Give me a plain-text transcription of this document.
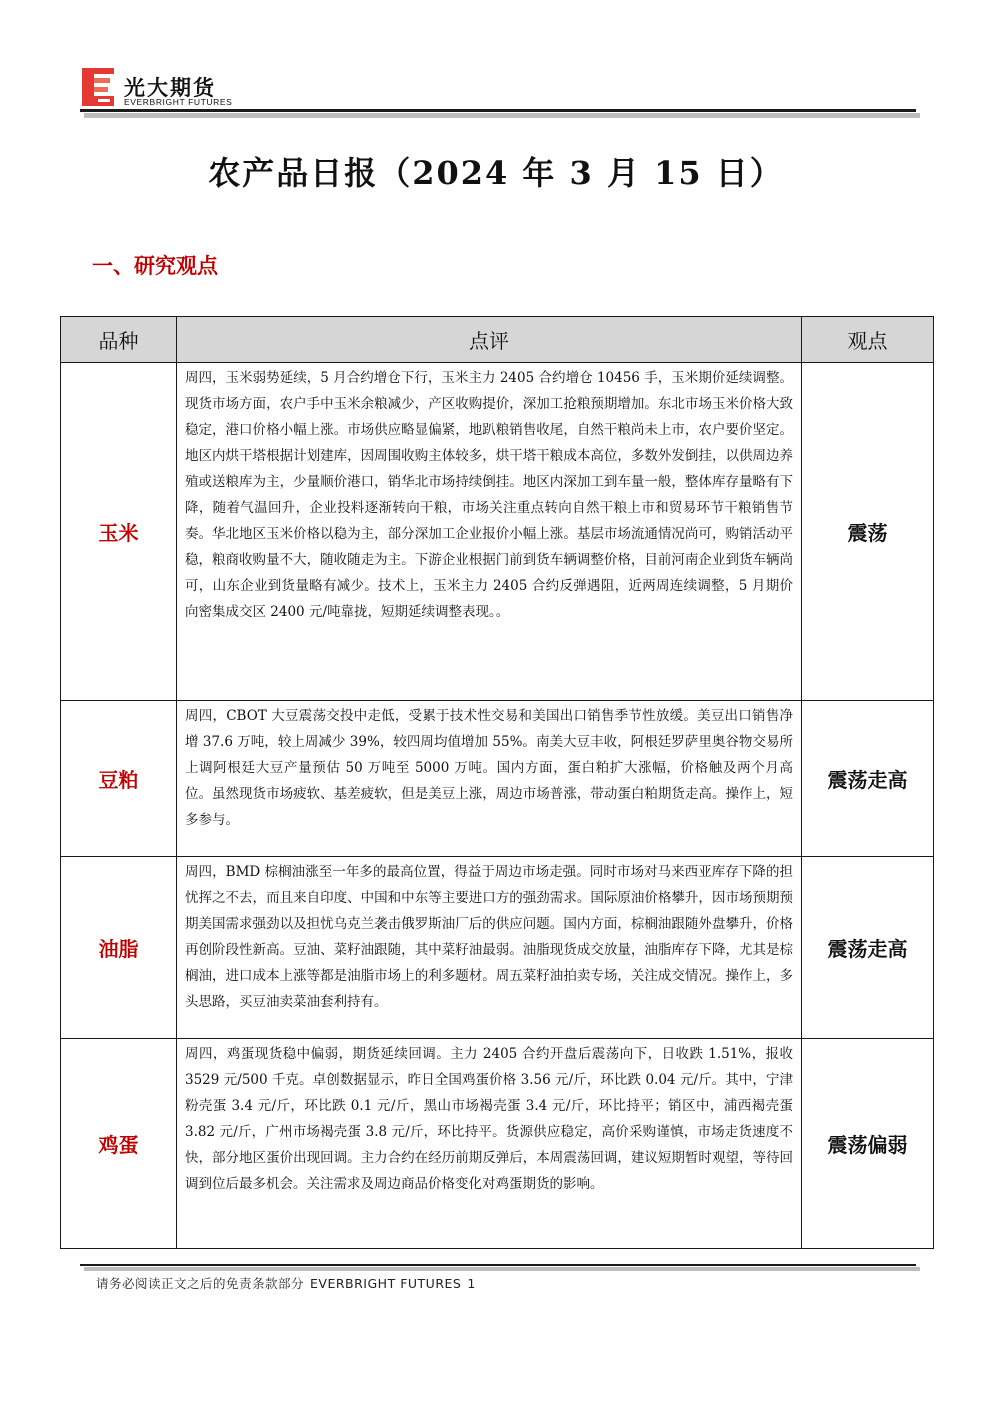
光大期货
EVERBRIGHT FUTURES
农产品日报（2024 年 3 月 15 日）
一、研究观点
品种	点评	观点
玉米	周四，玉米弱势延续，5 月合约增仓下行，玉米主力 2405 合约增仓 10456 手，玉米期价延续调整。现货市场方面，农户手中玉米余粮减少，产区收购提价，深加工抢粮预期增加。东北市场玉米价格大致稳定，港口价格小幅上涨。市场供应略显偏紧，地趴粮销售收尾，自然干粮尚未上市，农户要价坚定。地区内烘干塔根据计划建库，因周围收购主体较多，烘干塔干粮成本高位，多数外发倒挂，以供周边养殖或送粮库为主，少量顺价港口，销华北市场持续倒挂。地区内深加工到车量一般，整体库存量略有下降，随着气温回升，企业投料逐渐转向干粮，市场关注重点转向自然干粮上市和贸易环节干粮销售节奏。华北地区玉米价格以稳为主，部分深加工企业报价小幅上涨。基层市场流通情况尚可，购销活动平稳，粮商收购量不大，随收随走为主。下游企业根据门前到货车辆调整价格，目前河南企业到货车辆尚可，山东企业到货量略有减少。技术上，玉米主力 2405 合约反弹遇阻，近两周连续调整，5 月期价向密集成交区 2400 元/吨靠拢，短期延续调整表现。。	震荡
豆粕	周四，CBOT 大豆震荡交投中走低，受累于技术性交易和美国出口销售季节性放缓。美豆出口销售净增 37.6 万吨，较上周减少 39%，较四周均值增加 55%。南美大豆丰收，阿根廷罗萨里奥谷物交易所上调阿根廷大豆产量预估 50 万吨至 5000 万吨。国内方面，蛋白粕扩大涨幅，价格触及两个月高位。虽然现货市场疲软、基差疲软，但是美豆上涨，周边市场普涨，带动蛋白粕期货走高。操作上，短多参与。	震荡走高
油脂	周四，BMD 棕榈油涨至一年多的最高位置，得益于周边市场走强。同时市场对马来西亚库存下降的担忧挥之不去，而且来自印度、中国和中东等主要进口方的强劲需求。国际原油价格攀升，因市场预期预期美国需求强劲以及担忧乌克兰袭击俄罗斯油厂后的供应问题。国内方面，棕榈油跟随外盘攀升，价格再创阶段性新高。豆油、菜籽油跟随，其中菜籽油最弱。油脂现货成交放量，油脂库存下降，尤其是棕榈油，进口成本上涨等都是油脂市场上的利多题材。周五菜籽油拍卖专场，关注成交情况。操作上，多头思路，买豆油卖菜油套利持有。	震荡走高
鸡蛋	周四，鸡蛋现货稳中偏弱，期货延续回调。主力 2405 合约开盘后震荡向下，日收跌 1.51%，报收 3529 元/500 千克。卓创数据显示，昨日全国鸡蛋价格 3.56 元/斤，环比跌 0.04 元/斤。其中，宁津粉壳蛋 3.4 元/斤，环比跌 0.1 元/斤，黑山市场褐壳蛋 3.4 元/斤，环比持平；销区中，浦西褐壳蛋 3.82 元/斤，广州市场褐壳蛋 3.8 元/斤，环比持平。货源供应稳定，高价采购谨慎，市场走货速度不快，部分地区蛋价出现回调。主力合约在经历前期反弹后，本周震荡回调，建议短期暂时观望，等待回调到位后最多机会。关注需求及周边商品价格变化对鸡蛋期货的影响。	震荡偏弱
请务必阅读正文之后的免责条款部分 EVERBRIGHT FUTURES 1
